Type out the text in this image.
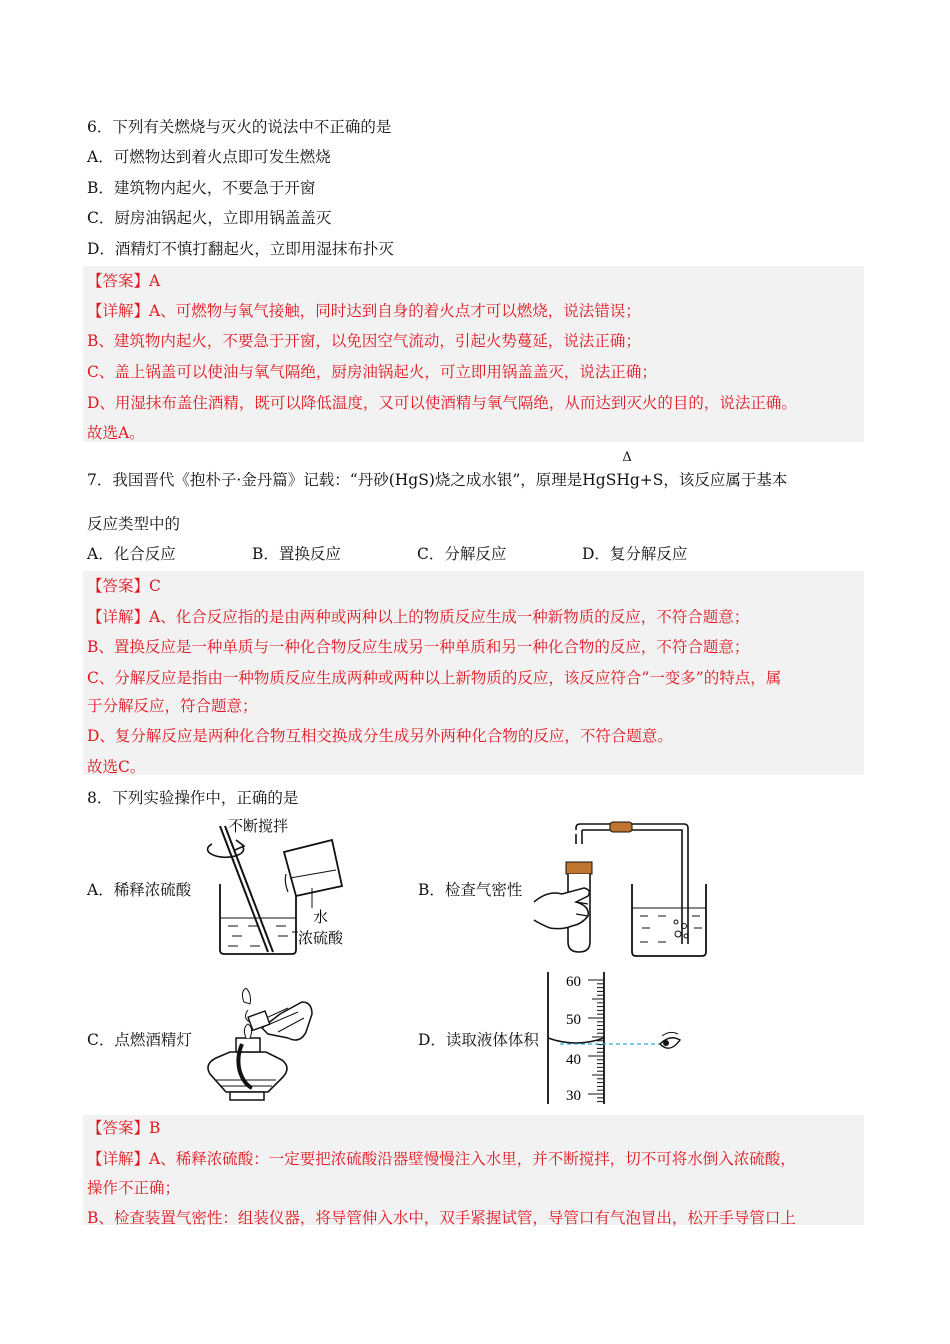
6．下列有关燃烧与灭火的说法中不正确的是
A．可燃物达到着火点即可发生燃烧
B．建筑物内起火，不要急于开窗
C．厨房油锅起火，立即用锅盖盖灭
D．酒精灯不慎打翻起火，立即用湿抹布扑灭
【答案】A
【详解】A、可燃物与氧气接触，同时达到自身的着火点才可以燃烧，说法错误；
B、建筑物内起火，不要急于开窗，以免因空气流动，引起火势蔓延，说法正确；
C、盖上锅盖可以使油与氧气隔绝，厨房油锅起火，可立即用锅盖盖灭，说法正确；
D、用湿抹布盖住酒精，既可以降低温度，又可以使酒精与氧气隔绝，从而达到灭火的目的，说法正确。
故选A。
7．我国晋代《抱朴子·金丹篇》记载：“丹砂(HgS)烧之成水银”，原理是HgS
Δ
Hg+S，该反应属于基本
反应类型中的
A．化合反应	B．置换反应	C．分解反应	D．复分解反应
【答案】C
【详解】A、化合反应指的是由两种或两种以上的物质反应生成一种新物质的反应，不符合题意；
B、置换反应是一种单质与一种化合物反应生成另一种单质和另一种化合物的反应，不符合题意；
C、分解反应是指由一种物质反应生成两种或两种以上新物质的反应，该反应符合“一变多”的特点，属
于分解反应，符合题意；
D、复分解反应是两种化合物互相交换成分生成另外两种化合物的反应，不符合题意。
故选C。
8．下列实验操作中，正确的是
A．稀释浓硫酸	B．检查气密性
C．点燃酒精灯	D．读取液体体积
不断搅拌
水
浓硫酸
60
50
40
30
【答案】B
【详解】A、稀释浓硫酸：一定要把浓硫酸沿器壁慢慢注入水里，并不断搅拌，切不可将水倒入浓硫酸，
操作不正确；
B、检查装置气密性：组装仪器，将导管伸入水中，双手紧握试管，导管口有气泡冒出，松开手导管口上
